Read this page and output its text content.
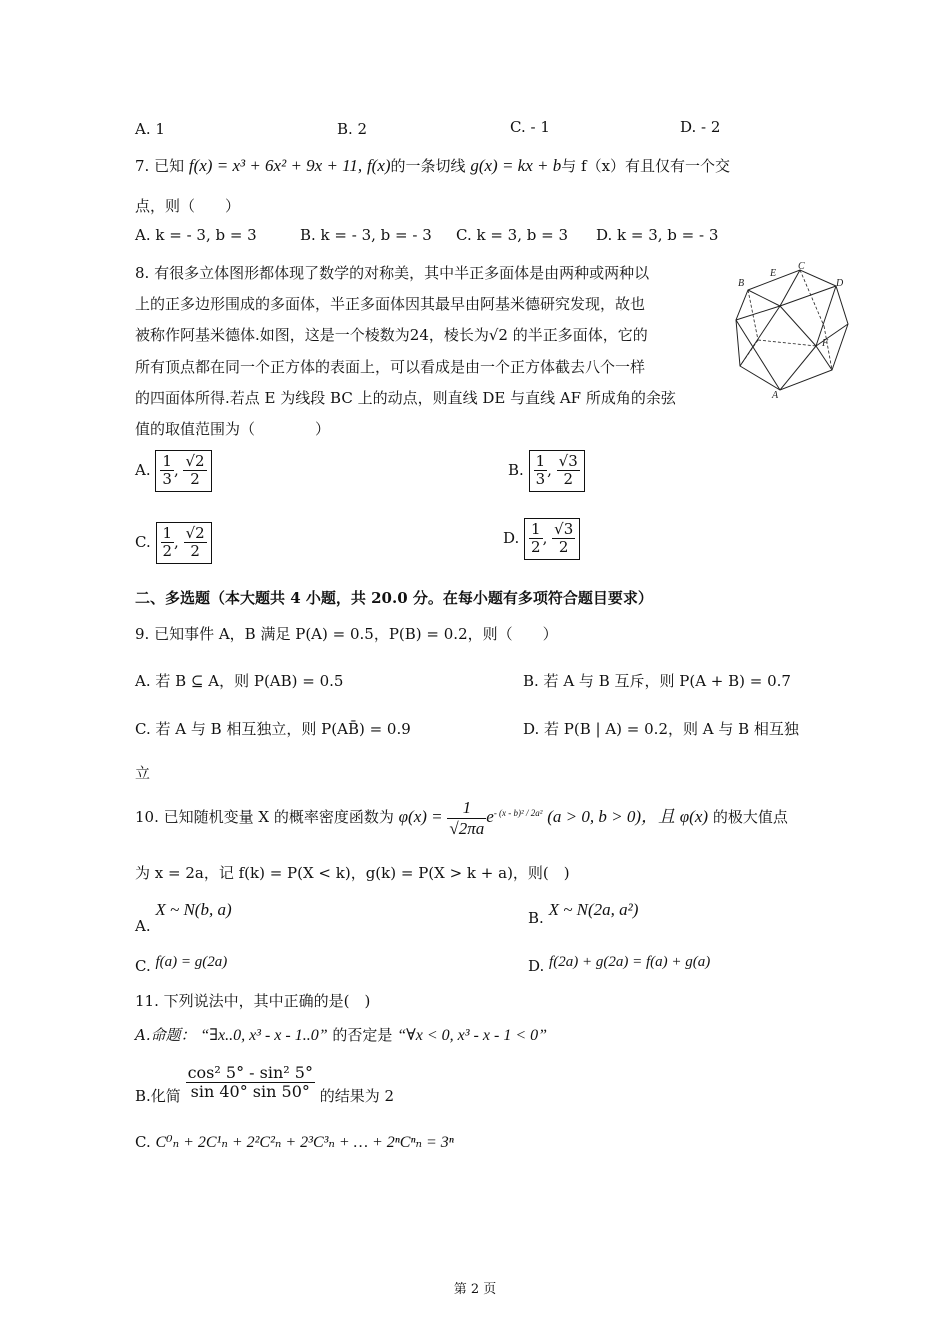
A. 1	B. 2	C. - 1	D. - 2
7. 已知 f(x) = x³ + 6x² + 9x + 11, f(x)的一条切线 g(x) = kx + b与 f（x）有且仅有一个交
点，则（　　）
A. k = - 3, b = 3	B. k = - 3, b = - 3 C. k = 3, b = 3 D. k = 3, b = - 3
8. 有很多立体图形都体现了数学的对称美，其中半正多面体是由两种或两种以
上的正多边形围成的多面体，半正多面体因其最早由阿基米德研究发现，故也
被称作阿基米德体.如图，这是一个棱数为24，棱长为√2 的半正多面体，它的
所有顶点都在同一个正方体的表面上，可以看成是由一个正方体截去八个一样
的四面体所得.若点 E 为线段 BC 上的动点，则直线 DE 与直线 AF 所成角的余弦
值的取值范围为（　　　　）
B
E
C
D
F
A
A. $\frac{1}{3}$ , $\frac{√2}{2}$	B. $\frac{1}{3}$ , $\frac{√3}{2}$
C. $\frac{1}{2}$ , $\frac{√2}{2}$	D. $\frac{1}{2}$ , $\frac{√3}{2}$
二、多选题（本大题共 4 小题，共 20.0 分。在每小题有多项符合题目要求）
9. 已知事件 A，B 满足 P(A) = 0.5，P(B) = 0.2，则（　　）
A. 若 B ⊆ A，则 P(AB) = 0.5	B. 若 A 与 B 互斥，则 P(A + B) = 0.7
C. 若 A 与 B 相互独立，则 P(AB̄) = 0.9	D. 若 P(B | A) = 0.2，则 A 与 B 相互独
立
10. 已知随机变量 X 的概率密度函数为 $\varphi(x) = \frac{1}{√2\pi a} e^{- (x - b)^2 / 2a^2}$ (a > 0, b > 0)，且 φ(x) 的极大值点
为 x = 2a，记 f(k) = P(X < k)，g(k) = P(X > k + a)，则(　)
A. X ~ N(b, a)	B. X ~ N(2a, a²)
C. f(a) = g(2a)	D. f(2a) + g(2a) = f(a) + g(a)
11. 下列说法中，其中正确的是(　)
A.命题： “∃x..0, x³ - x - 1..0” 的否定是 “∀x < 0, x³ - x - 1 < 0”
B.化简 $\frac{\text{cos² 5° - sin² 5°}}{\sin 40^\circ \sin 50^\circ}$ 的结果为 2
C. C⁰ₙ + 2C¹ₙ + 2²C²ₙ + 2³C³ₙ + … + 2ⁿCⁿₙ = 3ⁿ
第 2 页
